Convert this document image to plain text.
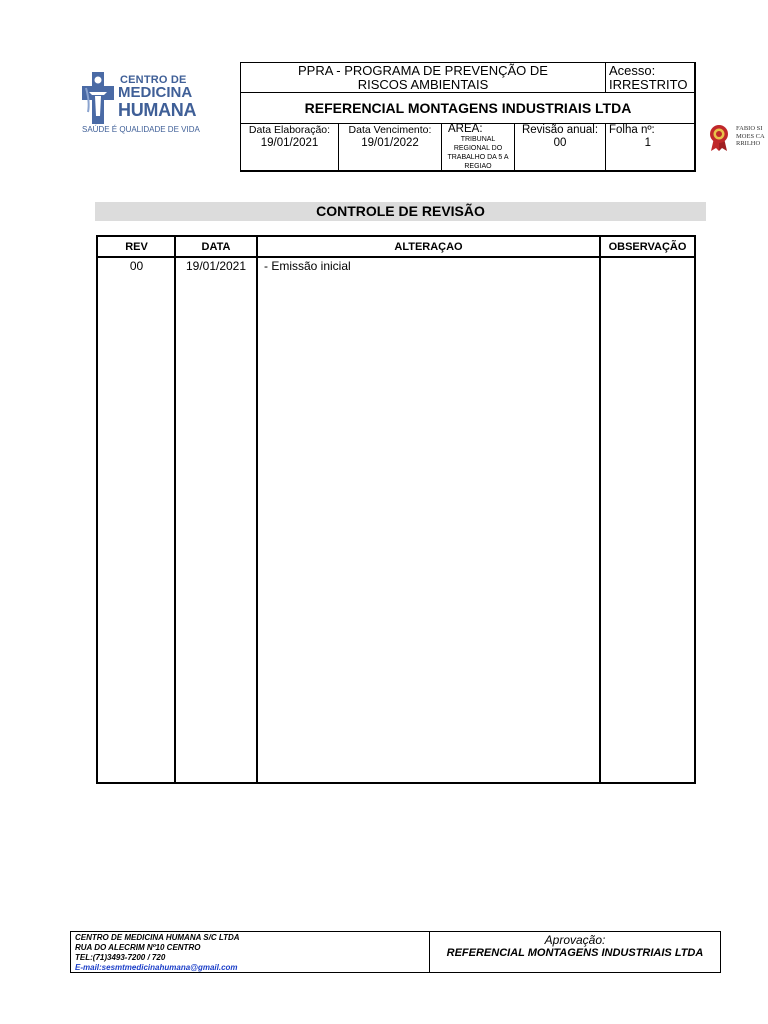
CENTRO DE
MEDICINA
HUMANA
SAÚDE É QUALIDADE DE VIDA
PPRA - PROGRAMA DE PREVENÇÃO DE RISCOS AMBIENTAIS
Acesso:
IRRESTRITO
REFERENCIAL MONTAGENS INDUSTRIAIS LTDA
Data Elaboração:
19/01/2021
Data Vencimento:
19/01/2022
AREA:
TRIBUNAL REGIONAL DO TRABALHO DA 5 A REGIAO
Revisão anual:
00
Folha nº:
1
FABIO SIMOES CARRILHO
CONTROLE DE REVISÃO
REV	DATA	ALTERAÇAO	OBSERVAÇÃO
00	19/01/2021	- Emissão inicial
CENTRO DE MEDICINA HUMANA S/C LTDA
RUA DO ALECRIM Nº10 CENTRO
TEL:(71)3493-7200 / 720
E-mail:sesmtmedicinahumana@gmail.com
Aprovação:
REFERENCIAL MONTAGENS INDUSTRIAIS LTDA
